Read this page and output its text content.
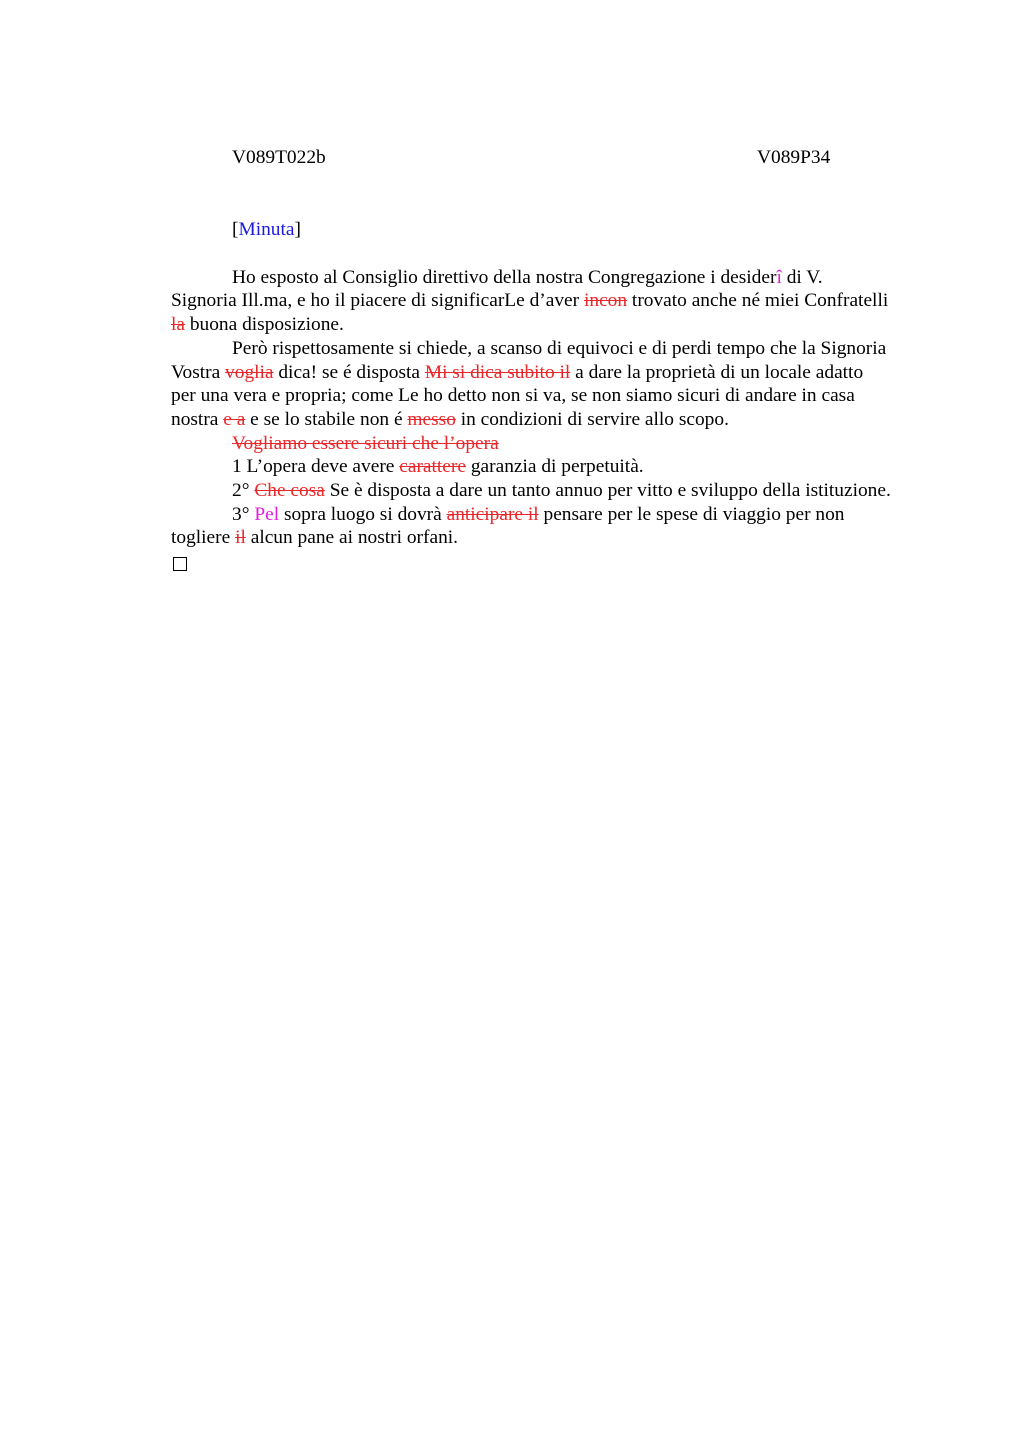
V089T022b	V089P34
[Minuta]

Ho esposto al Consiglio direttivo della nostra Congregazione i desiderî di V. Signoria Ill.ma, e ho il piacere di significarLe d’aver incon trovato anche né miei Confratelli la buona disposizione.

Però rispettosamente si chiede, a scanso di equivoci e di perdi tempo che la Signoria Vostra voglia dica! se é disposta Mi si dica subito il a dare la proprietà di un locale adatto per una vera e propria; come Le ho detto non si va, se non siamo sicuri di andare in casa nostra e a e se lo stabile non é messo in condizioni di servire allo scopo.

Vogliamo essere sicuri che l’opera

1 L’opera deve avere carattere garanzia di perpetuità.

2° Che cosa Se è disposta a dare un tanto annuo per vitto e sviluppo della istituzione.

3° Pel sopra luogo si dovrà anticipare il pensare per le spese di viaggio per non togliere il alcun pane ai nostri orfani.
